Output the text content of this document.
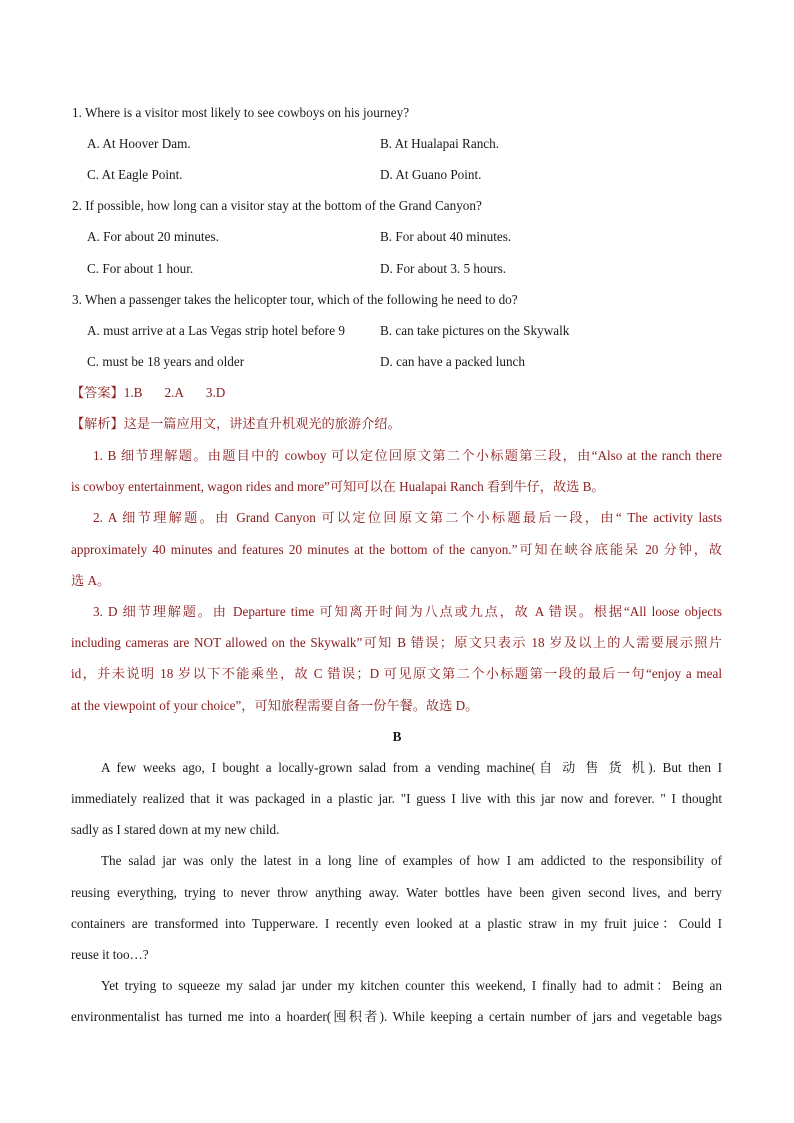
1. Where is a visitor most likely to see cowboys on his journey?
A. At Hoover Dam.	B. At Hualapai Ranch.
C. At Eagle Point.	D. At Guano Point.
2. If possible, how long can a visitor stay at the bottom of the Grand Canyon?
A. For about 20 minutes.	B. For about 40 minutes.
C. For about 1 hour.	D. For about 3. 5 hours.
3. When a passenger takes the helicopter tour, which of the following he need to do?
A. must arrive at a Las Vegas strip hotel before 9	B. can take pictures on the Skywalk
C. must be 18 years and older	D. can have a packed lunch
【答案】1.B 2.A 3.D
【解析】这是一篇应用文，讲述直升机观光的旅游介绍。
1. B 细节理解题。由题目中的 cowboy 可以定位回原文第二个小标题第三段，由“Also at the ranch there
is cowboy entertainment, wagon rides and more”可知可以在 Hualapai Ranch 看到牛仔，故选 B。
2. A 细节理解题。由 Grand Canyon 可以定位回原文第二个小标题最后一段，由“ The activity lasts
approximately 40 minutes and features 20 minutes at the bottom of the canyon.”可知在峡谷底能呆 20 分钟，故
选 A。
3. D 细节理解题。由 Departure time 可知离开时间为八点或九点，故 A 错误。根据“All loose objects
including cameras are NOT allowed on the Skywalk”可知 B 错误；原文只表示 18 岁及以上的人需要展示照片
id，并未说明 18 岁以下不能乘坐，故 C 错误；D 可见原文第二个小标题第一段的最后一句“enjoy a meal
at the viewpoint of your choice”，可知旅程需要自备一份午餐。故选 D。
B
A few weeks ago, I bought a locally-grown salad from a vending machine(自 动 售 货 机). But then I
immediately realized that it was packaged in a plastic jar. "I guess I live with this jar now and forever. " I thought
sadly as I stared down at my new child.
The salad jar was only the latest in a long line of examples of how I am addicted to the responsibility of
reusing everything, trying to never throw anything away. Water bottles have been given second lives, and berry
containers are transformed into Tupperware. I recently even looked at a plastic straw in my fruit juice：Could I
reuse it too…?
Yet trying to squeeze my salad jar under my kitchen counter this weekend, I finally had to admit：Being an
environmentalist has turned me into a hoarder(囤积者). While keeping a certain number of jars and vegetable bags
